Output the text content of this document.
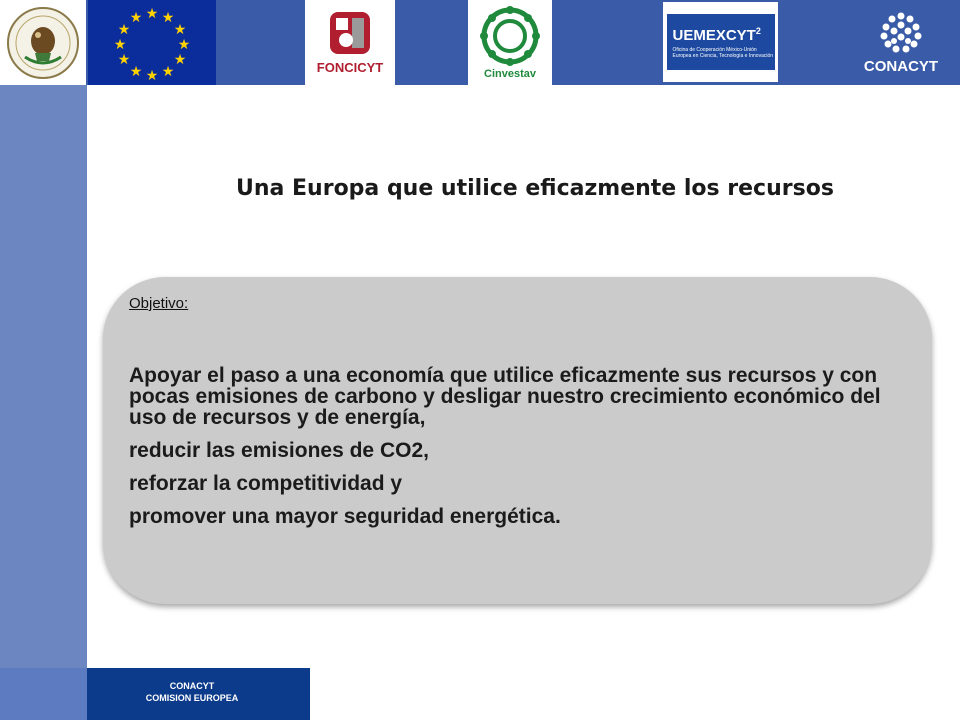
★ ★
★
★
★
★
★
★
★
★
★
★
FONCICYT	Cinvestav
UEMEXCYT$^2$
Oficina de Cooperación México-Unión Europea en Ciencia, Tecnología e Innovación
CONACYT
CONACYT
COMISION EUROPEA
Una Europa que utilice eficazmente los recursos
Objetivo:

Apoyar el paso a una economía que utilice eficazmente sus recursos y con pocas emisiones de carbono y desligar nuestro crecimiento económico del uso de recursos y de energía,

reducir las emisiones de CO2,

reforzar la competitividad y

promover una mayor seguridad energética.
